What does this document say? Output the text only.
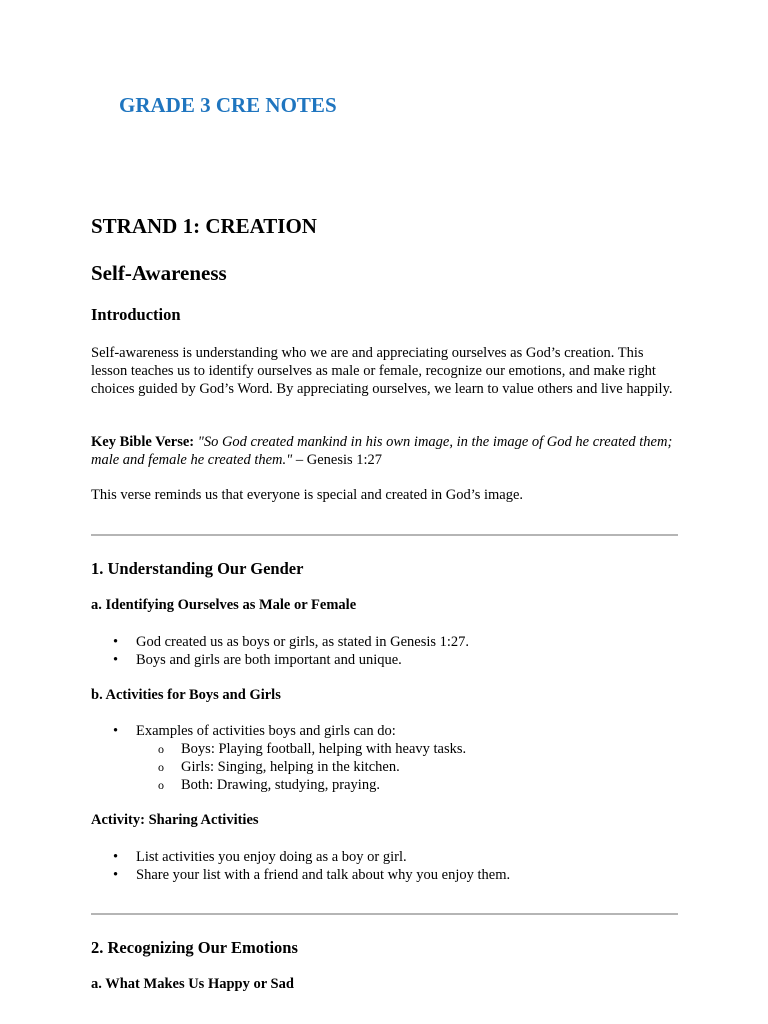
GRADE 3 CRE NOTES
STRAND 1: CREATION
Self-Awareness
Introduction

Self-awareness is understanding who we are and appreciating ourselves as God’s creation. This lesson teaches us to identify ourselves as male or female, recognize our emotions, and make right choices guided by God’s Word. By appreciating ourselves, we learn to value others and live happily.

Key Bible Verse: "So God created mankind in his own image, in the image of God he created them; male and female he created them." – Genesis 1:27

This verse reminds us that everyone is special and created in God’s image.

1. Understanding Our Gender
a. Identifying Ourselves as Male or Female
• God created us as boys or girls, as stated in Genesis 1:27.
• Boys and girls are both important and unique.
b. Activities for Boys and Girls
• Examples of activities boys and girls can do:
o Boys: Playing football, helping with heavy tasks.
o Girls: Singing, helping in the kitchen.
o Both: Drawing, studying, praying.
Activity: Sharing Activities
• List activities you enjoy doing as a boy or girl.
• Share your list with a friend and talk about why you enjoy them.
2. Recognizing Our Emotions
a. What Makes Us Happy or Sad
